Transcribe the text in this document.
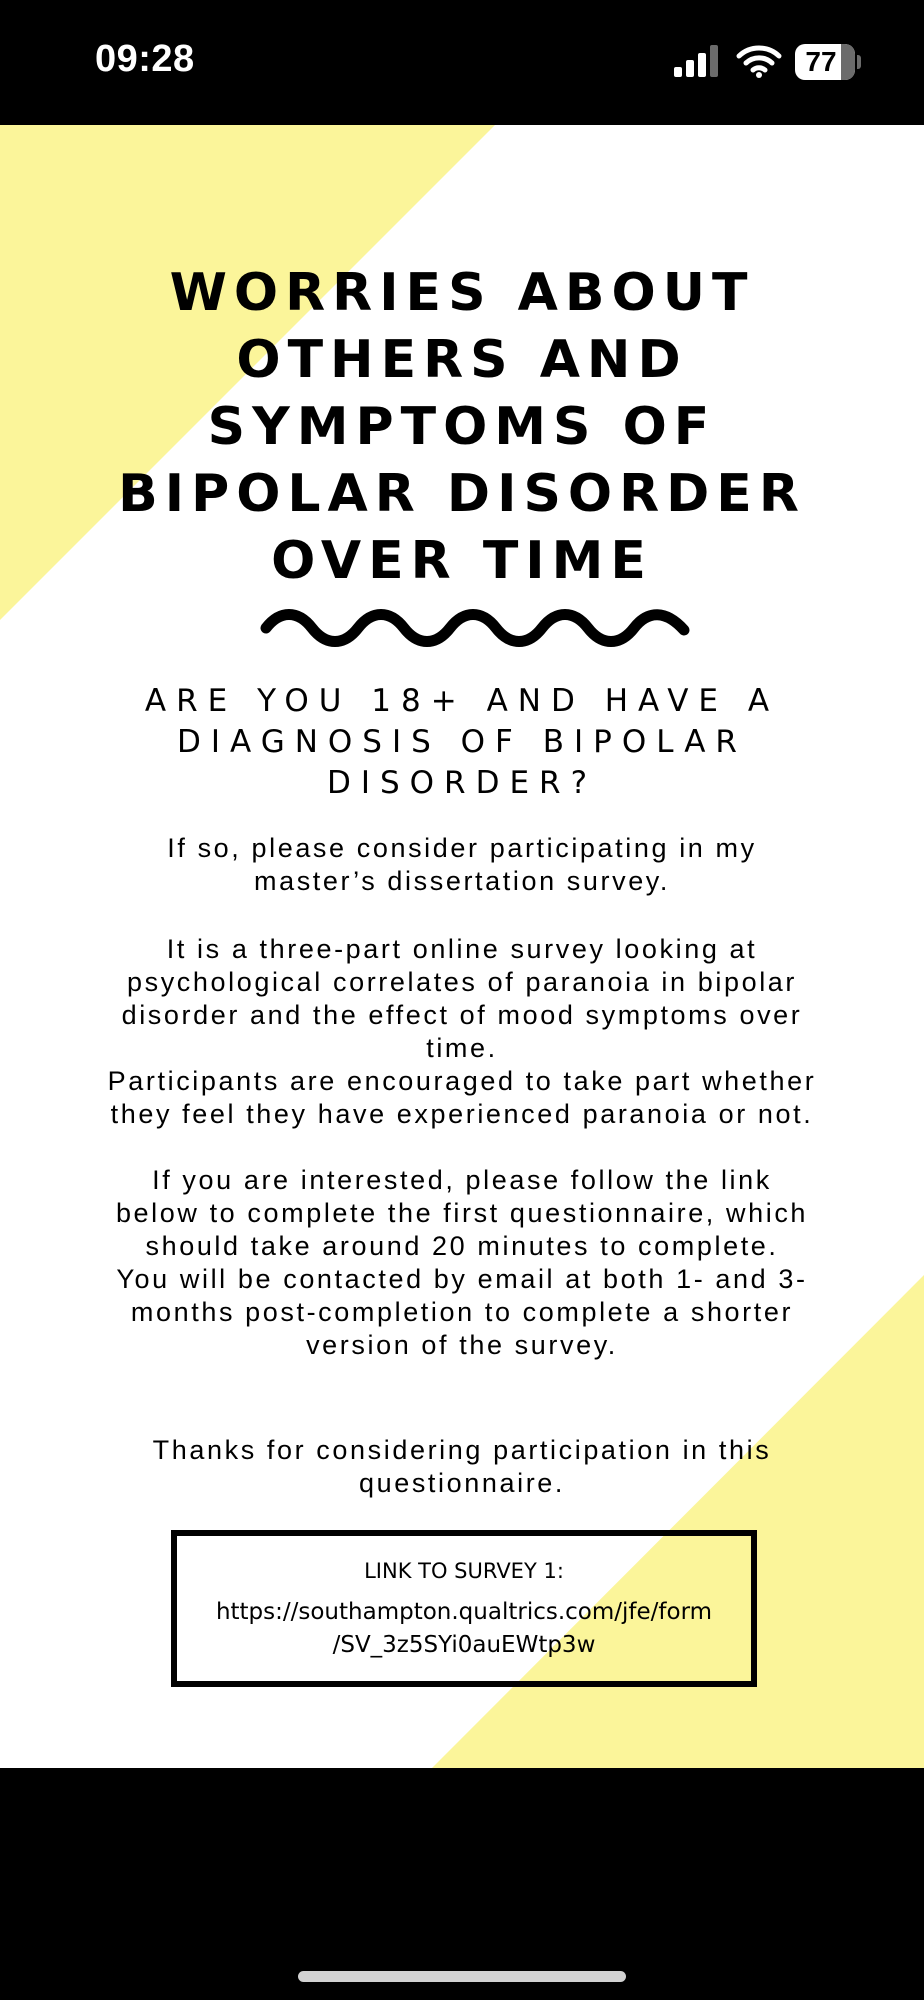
09:28	77
WORRIES ABOUT
OTHERS AND
SYMPTOMS OF
BIPOLAR DISORDER
OVER TIME

ARE YOU 18+ AND HAVE A
DIAGNOSIS OF BIPOLAR
DISORDER?

If so, please consider participating in my
master’s dissertation survey.

It is a three-part online survey looking at
psychological correlates of paranoia in bipolar
disorder and the effect of mood symptoms over
time.
Participants are encouraged to take part whether
they feel they have experienced paranoia or not.

If you are interested, please follow the link
below to complete the first questionnaire, which
should take around 20 minutes to complete.
You will be contacted by email at both 1- and 3-
months post-completion to complete a shorter
version of the survey.

Thanks for considering participation in this
questionnaire.

LINK TO SURVEY 1:
https://southampton.qualtrics.com/jfe/form
/SV_3z5SYi0auEWtp3w
